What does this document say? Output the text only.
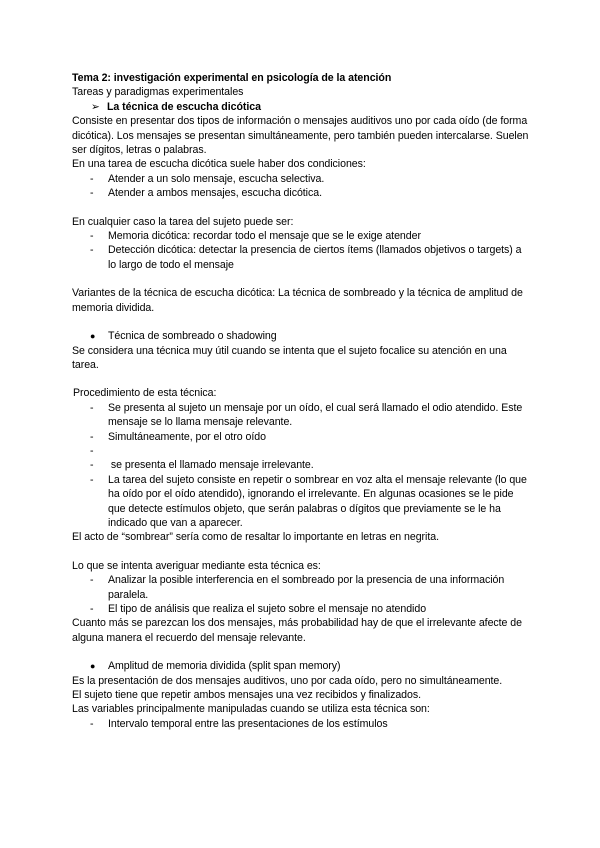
Tema 2: investigación experimental en psicología de la atención

Tareas y paradigmas experimentales

➢ La técnica de escucha dicótica

Consiste en presentar dos tipos de información o mensajes auditivos uno por cada oído (de forma dicótica). Los mensajes se presentan simultáneamente, pero también pueden intercalarse. Suelen ser dígitos, letras o palabras.

En una tarea de escucha dicótica suele haber dos condiciones:

- Atender a un solo mensaje, escucha selectiva.
- Atender a ambos mensajes, escucha dicótica.

En cualquier caso la tarea del sujeto puede ser:

- Memoria dicótica: recordar todo el mensaje que se le exige atender
- Detección dicótica: detectar la presencia de ciertos ítems (llamados objetivos o targets) a lo largo de todo el mensaje

Variantes de la técnica de escucha dicótica: La técnica de sombreado y la técnica de amplitud de memoria dividida.

● Técnica de sombreado o shadowing

Se considera una técnica muy útil cuando se intenta que el sujeto focalice su atención en una tarea.

Procedimiento de esta técnica:

- Se presenta al sujeto un mensaje por un oído, el cual será llamado el odio atendido. Este mensaje se lo llama mensaje relevante.
- Simultáneamente, por el otro oído
-
-  se presenta el llamado mensaje irrelevante.
- La tarea del sujeto consiste en repetir o sombrear en voz alta el mensaje relevante (lo que ha oído por el oído atendido), ignorando el irrelevante. En algunas ocasiones se le pide que detecte estímulos objeto, que serán palabras o dígitos que previamente se le ha indicado que van a aparecer.

El acto de “sombrear” sería como de resaltar lo importante en letras en negrita.

Lo que se intenta averiguar mediante esta técnica es:

- Analizar la posible interferencia en el sombreado por la presencia de una información paralela.
- El tipo de análisis que realiza el sujeto sobre el mensaje no atendido

Cuanto más se parezcan los dos mensajes, más probabilidad hay de que el irrelevante afecte de alguna manera el recuerdo del mensaje relevante.

● Amplitud de memoria dividida (split span memory)

Es la presentación de dos mensajes auditivos, uno por cada oído, pero no simultáneamente.

El sujeto tiene que repetir ambos mensajes una vez recibidos y finalizados.

Las variables principalmente manipuladas cuando se utiliza esta técnica son:

- Intervalo temporal entre las presentaciones de los estímulos
